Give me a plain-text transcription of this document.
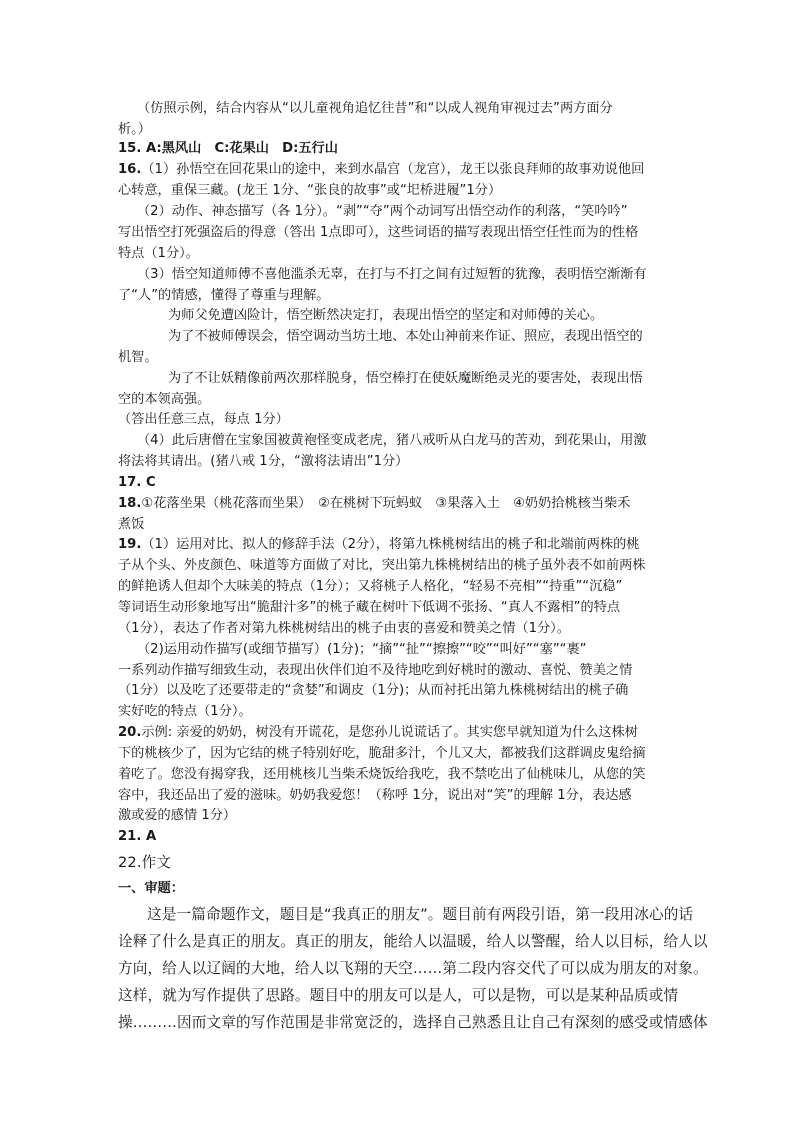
（仿照示例，结合内容从“以儿童视角追忆往昔”和“以成人视角审视过去”两方面分
析。）
15. A:黑风山　C:花果山　D:五行山
16.（1）孙悟空在回花果山的途中，来到水晶宫（龙宫），龙王以张良拜师的故事劝说他回
心转意，重保三藏。(龙王 1分、“张良的故事”或“圯桥进履”1分）
（2）动作、神态描写（各 1分）。“剥”“夺”两个动词写出悟空动作的利落，“笑吟吟”
写出悟空打死强盗后的得意（答出 1点即可），这些词语的描写表现出悟空任性而为的性格
特点（1分）。
（3）悟空知道师傅不喜他滥杀无辜，在打与不打之间有过短暂的犹豫，表明悟空渐渐有
了“人”的情感，懂得了尊重与理解。
为师父免遭凶险计，悟空断然决定打，表现出悟空的坚定和对师傅的关心。
为了不被师傅误会，悟空调动当坊土地、本处山神前来作证、照应，表现出悟空的
机智。
为了不让妖精像前两次那样脱身，悟空棒打在使妖魔断绝灵光的要害处，表现出悟
空的本领高强。
（答出任意三点，每点 1分）
（4）此后唐僧在宝象国被黄袍怪变成老虎，猪八戒听从白龙马的苦劝，到花果山，用激
将法将其请出。(猪八戒 1分，“激将法请出”1分）
17. C
18.①花落坐果（桃花落而坐果）　②在桃树下玩蚂蚁　③果落入土　④奶奶拾桃核当柴禾
煮饭
19.（1）运用对比、拟人的修辞手法（2分），将第九株桃树结出的桃子和北端前两株的桃
子从个头、外皮颜色、味道等方面做了对比，突出第九株桃树结出的桃子虽外表不如前两株
的鲜艳诱人但却个大味美的特点（1分）；又将桃子人格化，“轻易不亮相”“持重”“沉稳”
等词语生动形象地写出“脆甜汁多”的桃子藏在树叶下低调不张扬、“真人不露相”的特点
（1分），表达了作者对第九株桃树结出的桃子由衷的喜爱和赞美之情（1分）。
（2)运用动作描写(或细节描写）(1分)；“摘”“扯”“擦擦”“咬”“叫好”“塞”“裹”
一系列动作描写细致生动，表现出伙伴们迫不及待地吃到好桃时的激动、喜悦、赞美之情
（1分）以及吃了还要带走的“贪婪”和调皮（1分)；从而衬托出第九株桃树结出的桃子确
实好吃的特点（1分）。
20.示例: 亲爱的奶奶，树没有开谎花，是您孙儿说谎话了。其实您早就知道为什么这株树
下的桃核少了，因为它结的桃子特别好吃，脆甜多汁，个儿又大，都被我们这群调皮鬼给摘
着吃了。您没有揭穿我，还用桃核儿当柴禾烧饭给我吃，我不禁吃出了仙桃味儿，从您的笑
容中，我还品出了爱的滋味。奶奶我爱您！（称呼 1分，说出对“笑”的理解 1分，表达感
激或爱的感情 1分）
21. A
22.作文
一、审题：
这是一篇命题作文，题目是“我真正的朋友”。题目前有两段引语，第一段用冰心的话
诠释了什么是真正的朋友。真正的朋友，能给人以温暖，给人以警醒，给人以目标，给人以
方向，给人以辽阔的大地，给人以飞翔的天空……第二段内容交代了可以成为朋友的对象。
这样，就为写作提供了思路。题目中的朋友可以是人，可以是物，可以是某种品质或情
操………因而文章的写作范围是非常宽泛的，选择自己熟悉且让自己有深刻的感受或情感体
